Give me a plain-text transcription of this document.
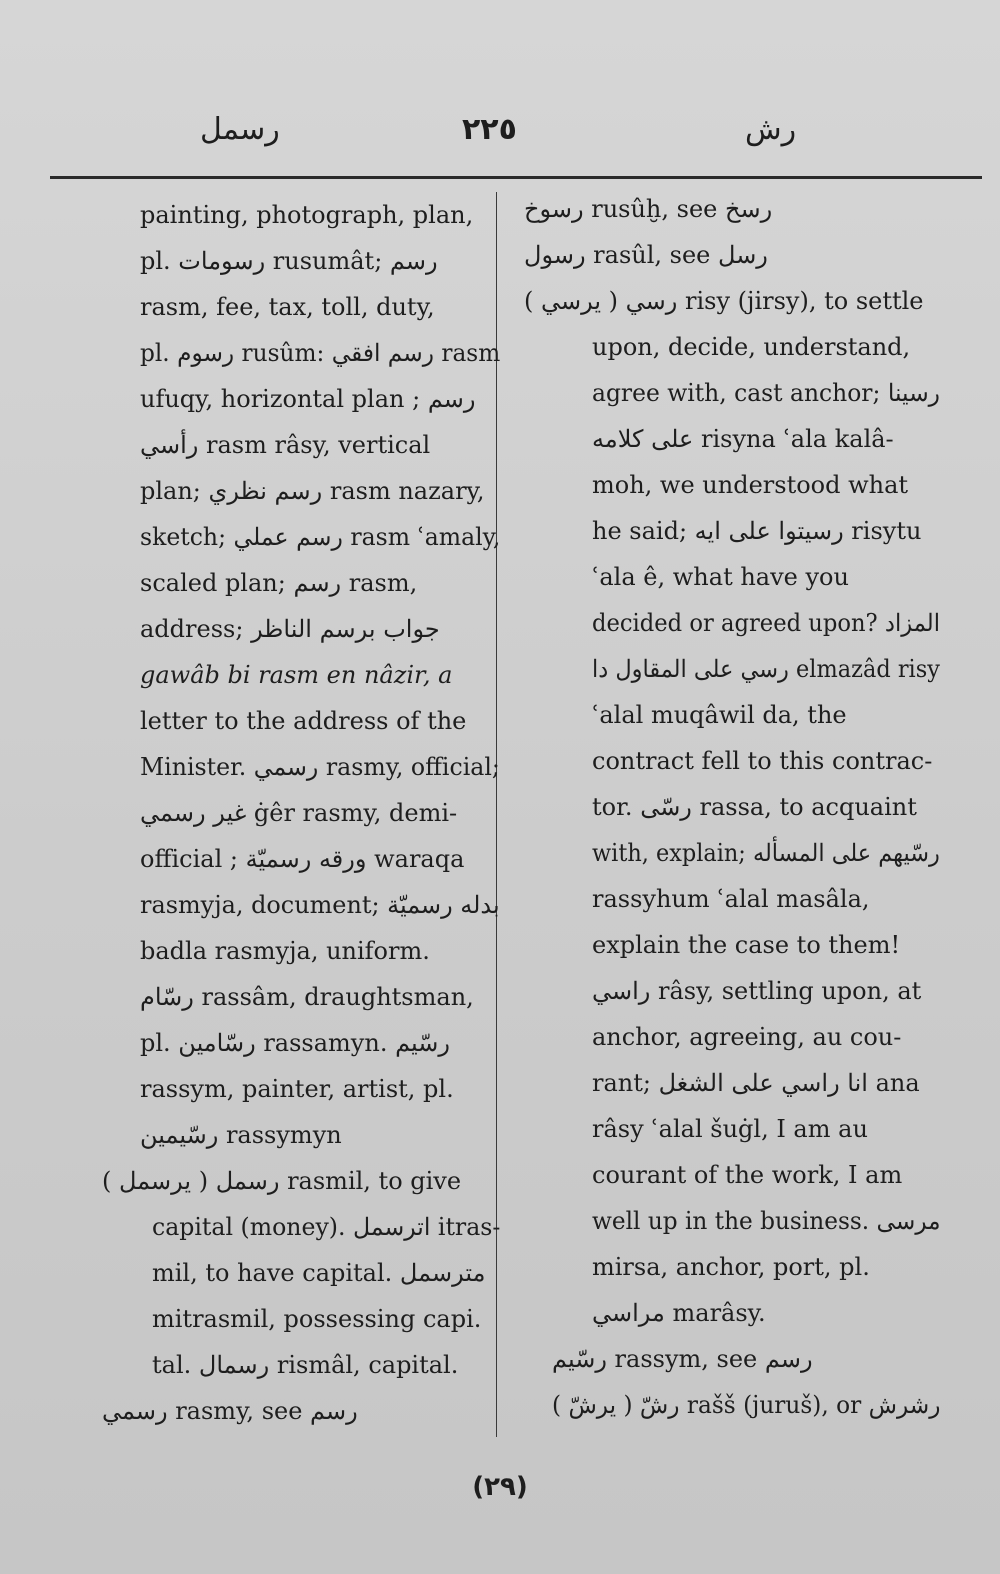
رسمل	٢٢٥	رش
painting, photograph, plan,
pl. رسومات rusumât; رسم
rasm, fee, tax, toll, duty,
pl. رسوم rusûm: رسم افقي rasm
ufuqy, horizontal plan ; رسم
رأسي rasm râsy, vertical
plan; رسم نظري rasm nazary,
sketch; رسم عملي rasm ʿamaly,
scaled plan; رسم rasm,
address; جواب برسم الناظر
gawâb bi rasm en nâzir, a
letter to the address of the
Minister. رسمي rasmy, official;
غير رسمي ġêr rasmy, demi-
official ; ورقه رسميّة waraqa
rasmyja, document; بدله رسميّة
badla rasmyja, uniform.
رسّام rassâm, draughtsman,
pl. رسّامين rassamyn. رسّيم
rassym, painter, artist, pl.
رسّيمين rassymyn
رسمل ( يرسمل ) rasmil, to give
capital (money). اترسمل itras-
mil, to have capital. مترسمل
mitrasmil, possessing capi.
tal. رسمال rismâl, capital.
رسمي rasmy, see رسم
رسوخ rusûḫ, see رسخ
رسول rasûl, see رسل
رسي ( يرسي ) risy (jirsy), to settle
upon, decide, understand,
agree with, cast anchor; رسينا
على كلامه risyna ʿala kalâ-
moh, we understood what
he said; رسيتوا على ايه risytu
ʿala ê, what have you
decided or agreed upon? المزاد
رسي على المقاول دا elmazâd risy
ʿalal muqâwil da, the
contract fell to this contrac-
tor. رسّى rassa, to acquaint
with, explain; رسّيهم على المسأله
rassyhum ʿalal masâla,
explain the case to them!
راسي râsy, settling upon, at
anchor, agreeing, au cou-
rant; انا راسي على الشغل ana
râsy ʿalal šuġl, I am au
courant of the work, I am
well up in the business. مرسى
mirsa, anchor, port, pl.
مراسي marâsy.
رسّيم rassym, see رسم
رشّ ( يرشّ ) rašš (juruš), or رشرش
(٢٩)
